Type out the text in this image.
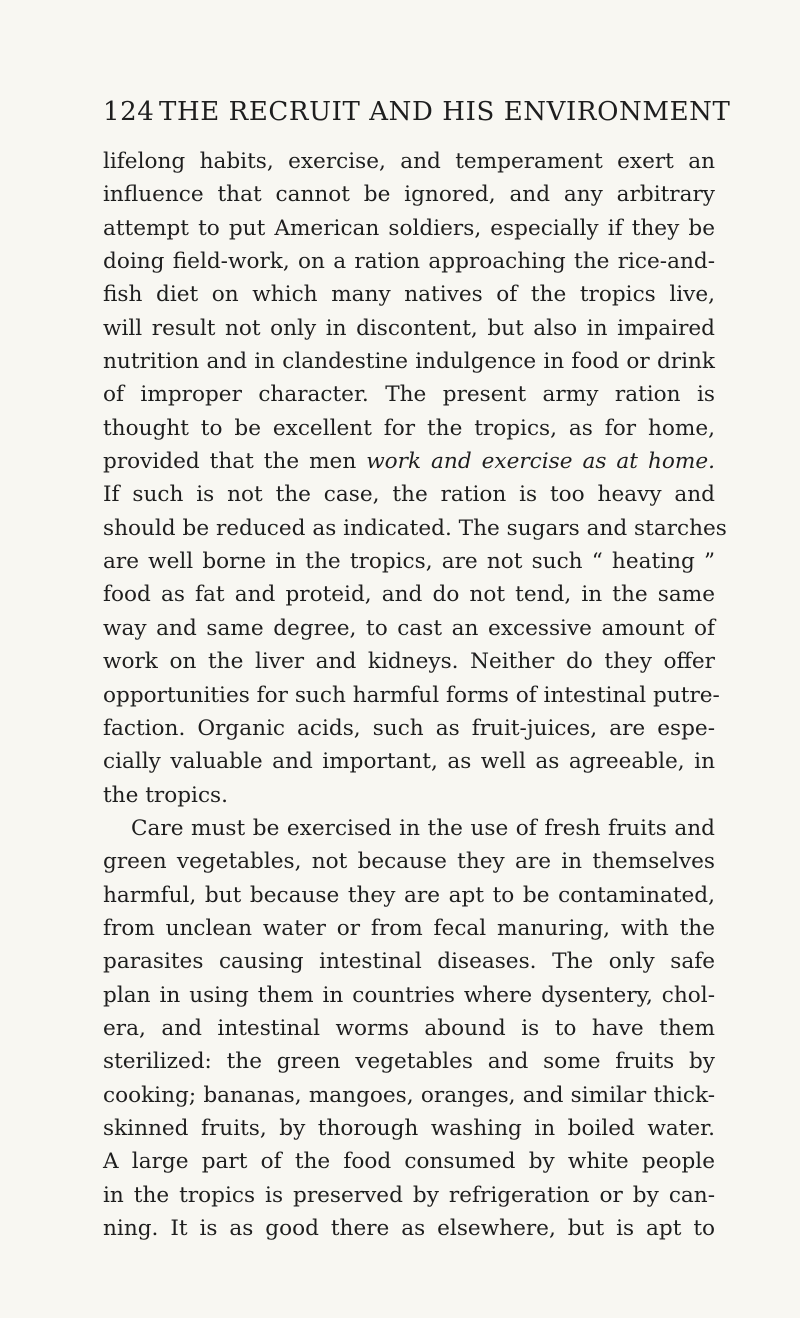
124 THE RECRUIT AND HIS ENVIRONMENT
lifelong habits, exercise, and temperament exert an
influence that cannot be ignored, and any arbitrary
attempt to put American soldiers, especially if they be
doing field-work, on a ration approaching the rice-and-
fish diet on which many natives of the tropics live,
will result not only in discontent, but also in impaired
nutrition and in clandestine indulgence in food or drink
of improper character. The present army ration is
thought to be excellent for the tropics, as for home,
provided that the men work and exercise as at home.
If such is not the case, the ration is too heavy and
should be reduced as indicated. The sugars and starches
are well borne in the tropics, are not such “ heating ”
food as fat and proteid, and do not tend, in the same
way and same degree, to cast an excessive amount of
work on the liver and kidneys. Neither do they offer
opportunities for such harmful forms of intestinal putre-
faction. Organic acids, such as fruit-juices, are espe-
cially valuable and important, as well as agreeable, in
the tropics.
Care must be exercised in the use of fresh fruits and
green vegetables, not because they are in themselves
harmful, but because they are apt to be contaminated,
from unclean water or from fecal manuring, with the
parasites causing intestinal diseases. The only safe
plan in using them in countries where dysentery, chol-
era, and intestinal worms abound is to have them
sterilized: the green vegetables and some fruits by
cooking; bananas, mangoes, oranges, and similar thick-
skinned fruits, by thorough washing in boiled water.
A large part of the food consumed by white people
in the tropics is preserved by refrigeration or by can-
ning. It is as good there as elsewhere, but is apt to
